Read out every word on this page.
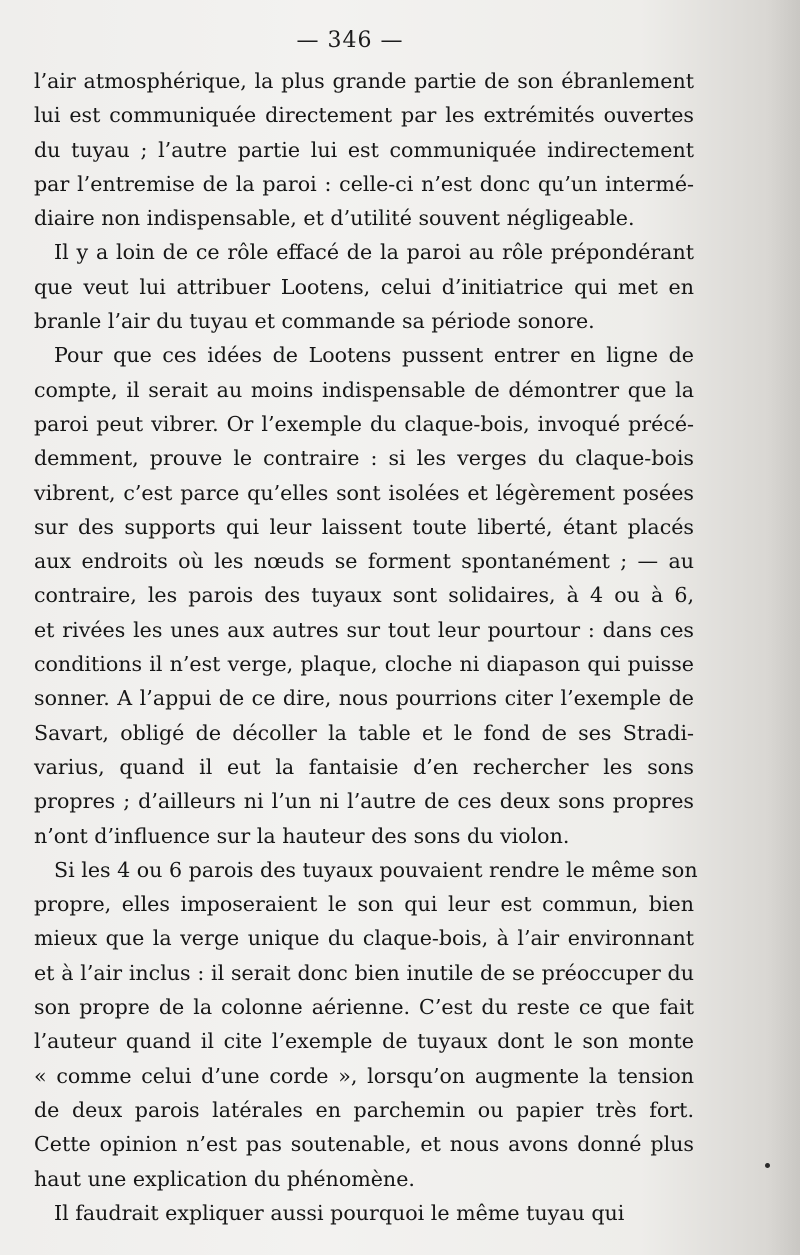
— 346 —
l’air atmosphérique, la plus grande partie de son ébranlement
lui est communiquée directement par les extrémités ouvertes
du tuyau ; l’autre partie lui est communiquée indirectement
par l’entremise de la paroi : celle-ci n’est donc qu’un intermé-
diaire non indispensable, et d’utilité souvent négligeable.
Il y a loin de ce rôle effacé de la paroi au rôle prépondérant
que veut lui attribuer Lootens, celui d’initiatrice qui met en
branle l’air du tuyau et commande sa période sonore.
Pour que ces idées de Lootens pussent entrer en ligne de
compte, il serait au moins indispensable de démontrer que la
paroi peut vibrer. Or l’exemple du claque-bois, invoqué précé-
demment, prouve le contraire : si les verges du claque-bois
vibrent, c’est parce qu’elles sont isolées et légèrement posées
sur des supports qui leur laissent toute liberté, étant placés
aux endroits où les nœuds se forment spontanément ; — au
contraire, les parois des tuyaux sont solidaires, à 4 ou à 6,
et rivées les unes aux autres sur tout leur pourtour : dans ces
conditions il n’est verge, plaque, cloche ni diapason qui puisse
sonner. A l’appui de ce dire, nous pourrions citer l’exemple de
Savart, obligé de décoller la table et le fond de ses Stradi-
varius, quand il eut la fantaisie d’en rechercher les sons
propres ; d’ailleurs ni l’un ni l’autre de ces deux sons propres
n’ont d’influence sur la hauteur des sons du violon.
Si les 4 ou 6 parois des tuyaux pouvaient rendre le même son
propre, elles imposeraient le son qui leur est commun, bien
mieux que la verge unique du claque-bois, à l’air environnant
et à l’air inclus : il serait donc bien inutile de se préoccuper du
son propre de la colonne aérienne. C’est du reste ce que fait
l’auteur quand il cite l’exemple de tuyaux dont le son monte
« comme celui d’une corde », lorsqu’on augmente la tension
de deux parois latérales en parchemin ou papier très fort.
Cette opinion n’est pas soutenable, et nous avons donné plus
haut une explication du phénomène.
Il faudrait expliquer aussi pourquoi le même tuyau qui
